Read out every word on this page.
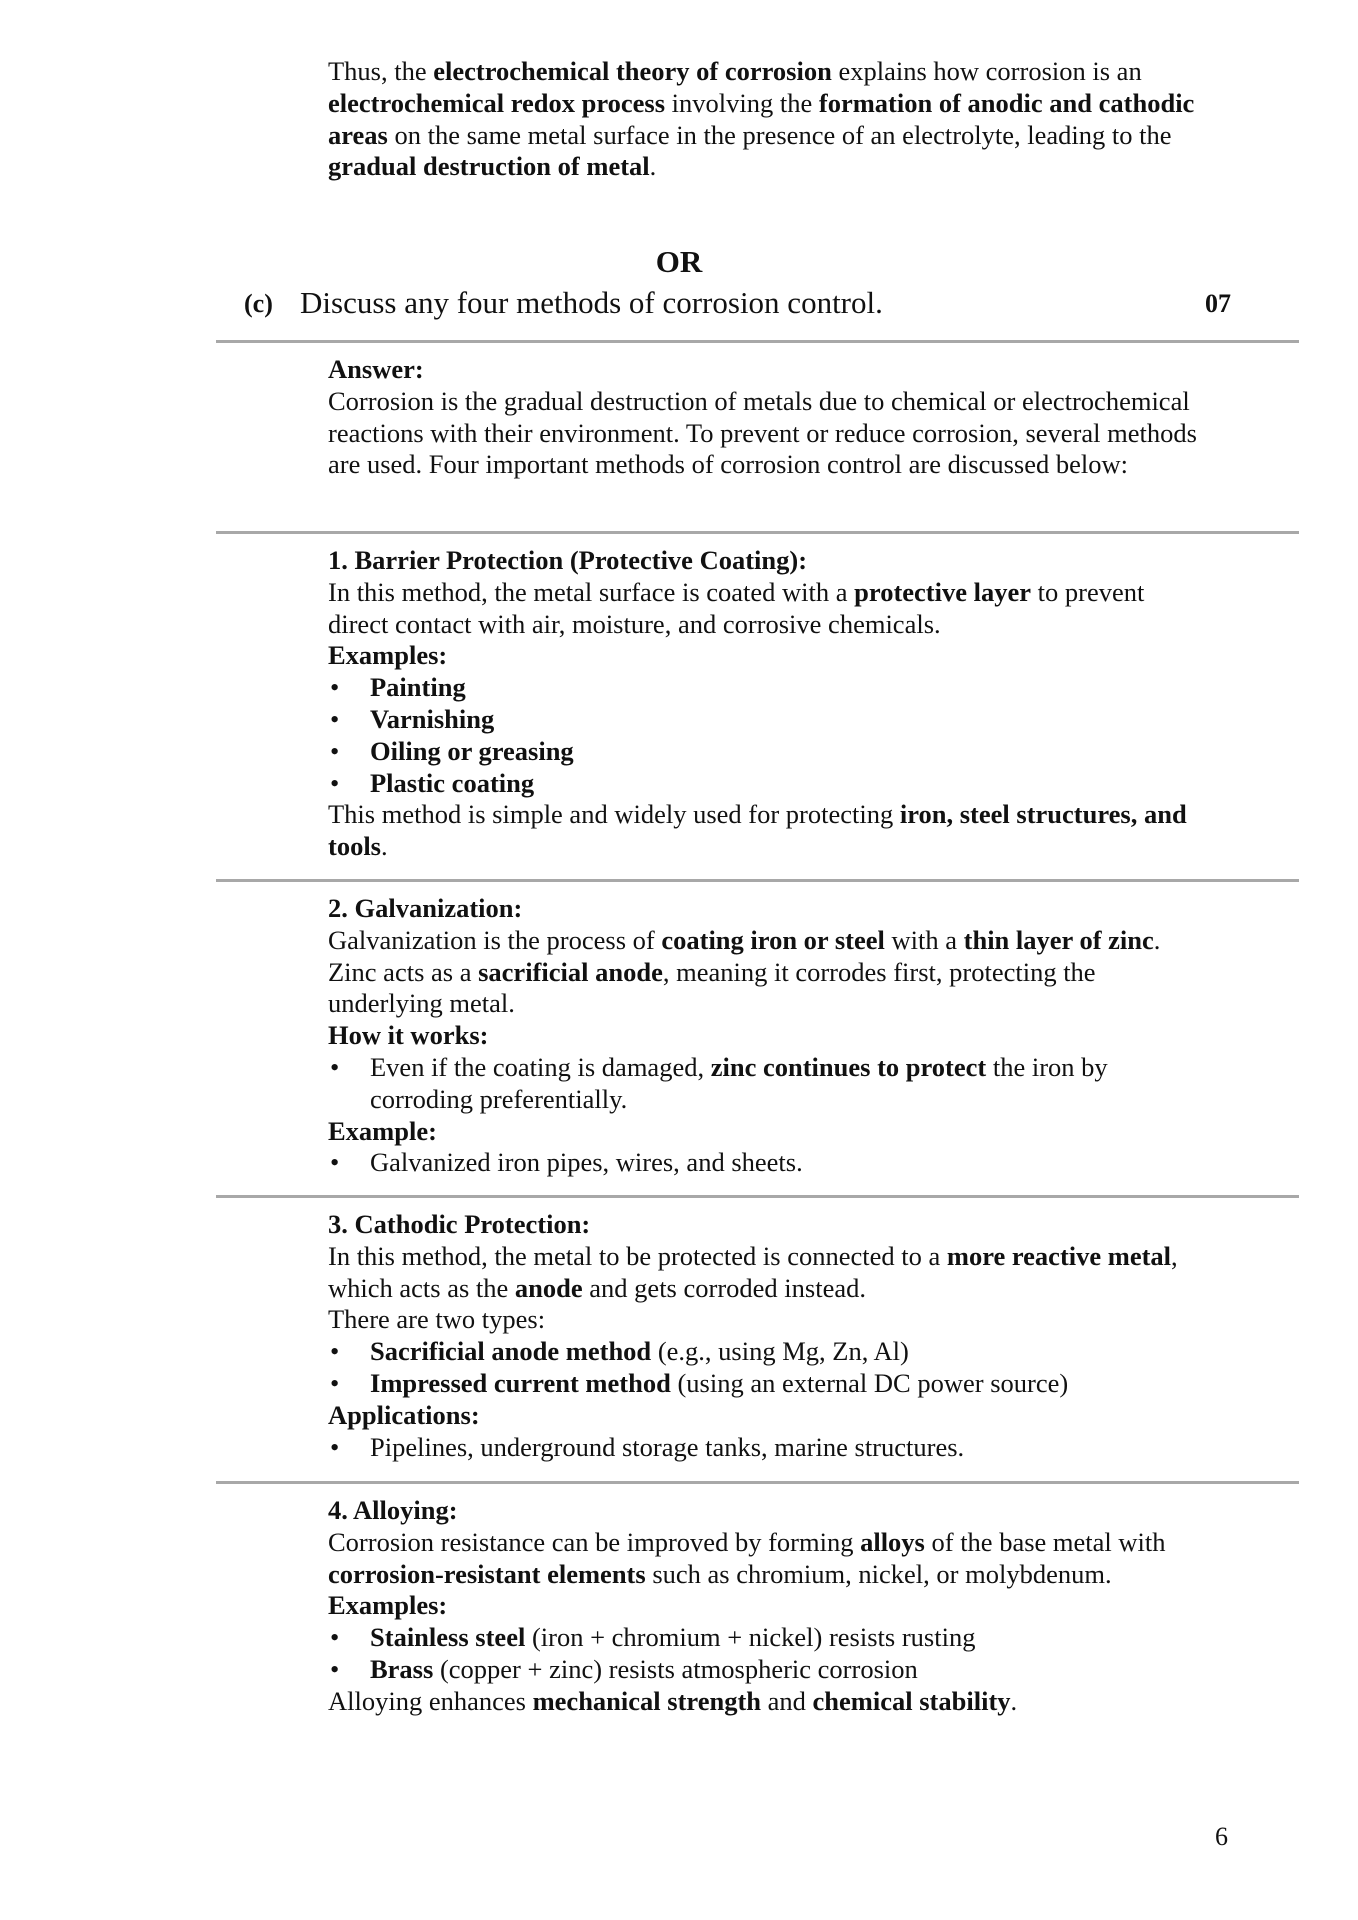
Thus, the electrochemical theory of corrosion explains how corrosion is an electrochemical redox process involving the formation of anodic and cathodic areas on the same metal surface in the presence of an electrolyte, leading to the gradual destruction of metal.

OR
(c) Discuss any four methods of corrosion control.	07

Answer:

Corrosion is the gradual destruction of metals due to chemical or electrochemical reactions with their environment. To prevent or reduce corrosion, several methods are used. Four important methods of corrosion control are discussed below:

1. Barrier Protection (Protective Coating):

In this method, the metal surface is coated with a protective layer to prevent direct contact with air, moisture, and corrosive chemicals.

Examples:

• Painting
• Varnishing
• Oiling or greasing
• Plastic coating

This method is simple and widely used for protecting iron, steel structures, and tools.

2. Galvanization:

Galvanization is the process of coating iron or steel with a thin layer of zinc. Zinc acts as a sacrificial anode, meaning it corrodes first, protecting the underlying metal.

How it works:

• Even if the coating is damaged, zinc continues to protect the iron by corroding preferentially.

Example:

• Galvanized iron pipes, wires, and sheets.

3. Cathodic Protection:

In this method, the metal to be protected is connected to a more reactive metal, which acts as the anode and gets corroded instead.

There are two types:

• Sacrificial anode method (e.g., using Mg, Zn, Al)
• Impressed current method (using an external DC power source)

Applications:

• Pipelines, underground storage tanks, marine structures.

4. Alloying:

Corrosion resistance can be improved by forming alloys of the base metal with corrosion-resistant elements such as chromium, nickel, or molybdenum.

Examples:

• Stainless steel (iron + chromium + nickel) resists rusting
• Brass (copper + zinc) resists atmospheric corrosion

Alloying enhances mechanical strength and chemical stability.

6
